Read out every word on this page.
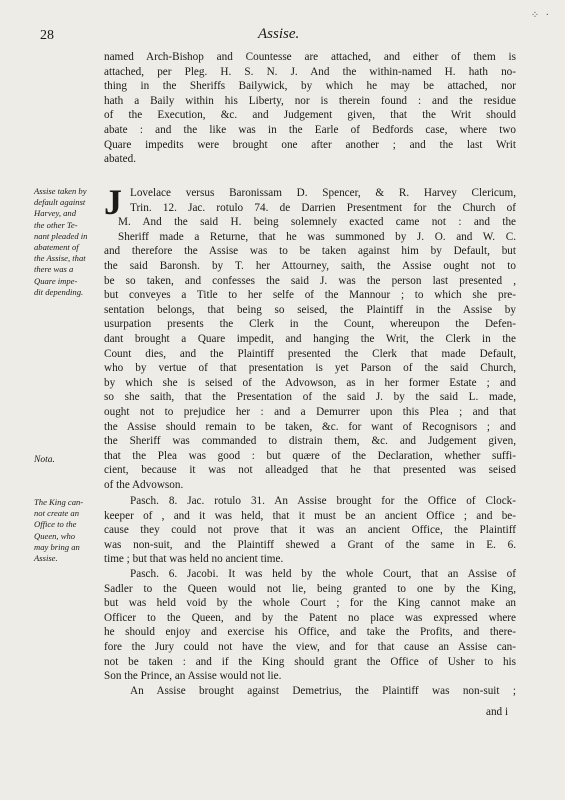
28	Assise.
⁘ ·
named Arch-Bishop and Countesse are attached, and either of them is
attached, per Pleg. H. S. N. J. And the within-named H. hath no-
thing in the Sheriffs Bailywick, by which he may be attached, nor
hath a Baily within his Liberty, nor is therein found : and the residue
of the Execution, &c. and Judgement given, that the Writ should
abate : and the like was in the Earle of Bedfords case, where two
Quare impedits were brought one after another ; and the last Writ
abated.
Assise taken by
default against
Harvey, and
the other Te-
nant pleaded in
abatement of
the Assise, that
there was a
Quare impe-
dit depending.
J Lovelace versus Baronissam D. Spencer, & R. Harvey Clericum,
Trin. 12. Jac. rotulo 74. de Darrien Presentment for the Church of
M. And the said H. being solemnely exacted came not : and the
Sheriff made a Returne, that he was summoned by J. O. and W. C.
and therefore the Assise was to be taken against him by Default, but
the said Baronsh. by T. her Attourney, saith, the Assise ought not to
be so taken, and confesses the said J. was the person last presented ,
but conveyes a Title to her selfe of the Mannour ; to which she pre-
sentation belongs, that being so seised, the Plaintiff in the Assise by
usurpation presents the Clerk in the Count, whereupon the Defen-
dant brought a Quare impedit, and hanging the Writ, the Clerk in the
Count dies, and the Plaintiff presented the Clerk that made Default,
who by vertue of that presentation is yet Parson of the said Church,
by which she is seised of the Advowson, as in her former Estate ; and
so she saith, that the Presentation of the said J. by the said L. made,
ought not to prejudice her : and a Demurrer upon this Plea ; and that
the Assise should remain to be taken, &c. for want of Recognisors ; and
the Sheriff was commanded to distrain them, &c. and Judgement given,
that the Plea was good : but quære of the Declaration, whether suffi-
cient, because it was not alleadged that he that presented was seised
of the Advowson.
Nota.
The King can-
not create an
Office to the
Queen, who
may bring an
Assise.
Pasch. 8. Jac. rotulo 31. An Assise brought for the Office of Clock-
keeper of , and it was held, that it must be an ancient Office ; and be-
cause they could not prove that it was an ancient Office, the Plaintiff
was non-suit, and the Plaintiff shewed a Grant of the same in E. 6.
time ; but that was held no ancient time.
Pasch. 6. Jacobi. It was held by the whole Court, that an Assise of
Sadler to the Queen would not lie, being granted to one by the King,
but was held void by the whole Court ; for the King cannot make an
Officer to the Queen, and by the Patent no place was expressed where
he should enjoy and exercise his Office, and take the Profits, and there-
fore the Jury could not have the view, and for that cause an Assise can-
not be taken : and if the King should grant the Office of Usher to his
Son the Prince, an Assise would not lie.
An Assise brought against Demetrius, the Plaintiff was non-suit ;
and i
